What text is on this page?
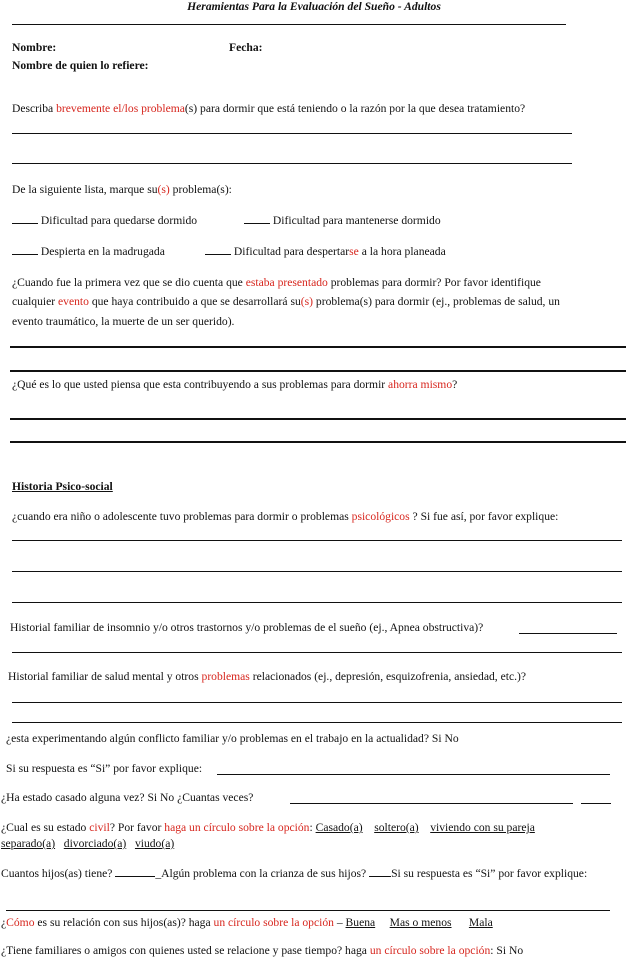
Heramientas Para la Evaluación del Sueño - Adultos
Nombre:	Fecha:
Nombre de quien lo refiere:
Describa brevemente el/los problema(s) para dormir que está teniendo o la razón por la que desea tratamiento?
De la siguiente lista, marque su(s) problema(s):
Dificultad para quedarse dormido	Dificultad para mantenerse dormido
Despierta en la madrugada	Dificultad para despertarse a la hora planeada
¿Cuando fue la primera vez que se dio cuenta que estaba presentado problemas para dormir? Por favor identifique
cualquier evento que haya contribuido a que se desarrollará su(s) problema(s) para dormir (ej., problemas de salud, un
evento traumático, la muerte de un ser querido).
¿Qué es lo que usted piensa que esta contribuyendo a sus problemas para dormir ahorra mismo?
Historia Psico-social
¿cuando era niño o adolescente tuvo problemas para dormir o problemas psicológicos ? Si fue así, por favor explique:
Historial familiar de insomnio y/o otros trastornos y/o problemas de el sueño (ej., Apnea obstructiva)?
Historial familiar de salud mental y otros problemas relacionados (ej., depresión, esquizofrenia, ansiedad, etc.)?
¿esta experimentando algún conflicto familiar y/o problemas en el trabajo en la actualidad? Si No
Si su respuesta es “Si” por favor explique:
¿Ha estado casado alguna vez? Si No ¿Cuantas veces?
¿Cual es su estado civil? Por favor haga un círculo sobre la opción: Casado(a) soltero(a) viviendo con su pareja
separado(a) divorciado(a) viudo(a)
Cuantos hijos(as) tiene?	_Algún problema con la crianza de sus hijos? Si su respuesta es “Si” por favor explique:
¿Cómo es su relación con sus hijos(as)? haga un círculo sobre la opción – Buena Mas o menos Mala
¿Tiene familiares o amigos con quienes usted se relacione y pase tiempo? haga un círculo sobre la opción: Si No
